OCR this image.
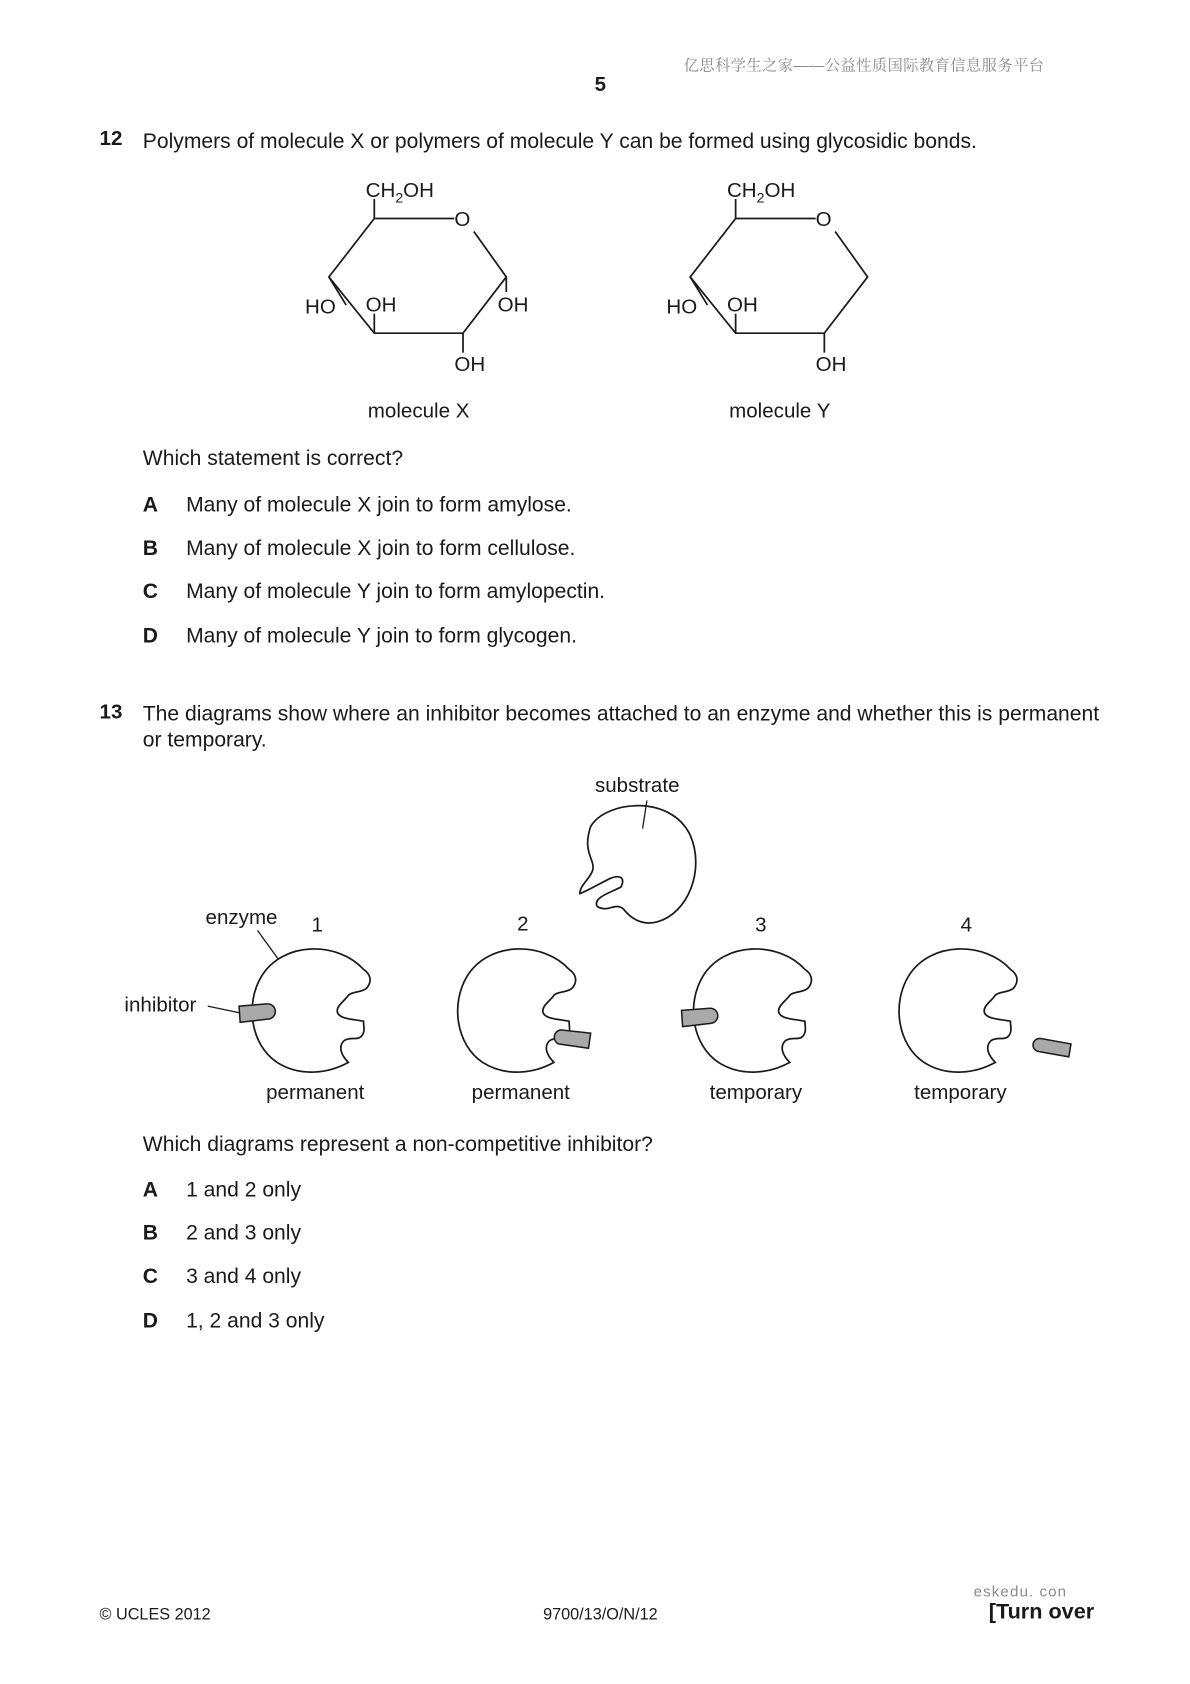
亿思科学生之家——公益性质国际教育信息服务平台
5
12 Polymers of molecule X or polymers of molecule Y can be formed using glycosidic bonds.
$CH_2OH$
O
HO OH	OH
OH
molecule X
$CH_2OH$
O
HO OH
OH
molecule Y
Which statement is correct?
A Many of molecule X join to form amylose.
B Many of molecule X join to form cellulose.
C Many of molecule Y join to form amylopectin.
D Many of molecule Y join to form glycogen.
13 The diagrams show where an inhibitor becomes attached to an enzyme and whether this is permanent or temporary.
substrate
1	2	3	4
enzyme
inhibitor
permanent	permanent	temporary	temporary
Which diagrams represent a non-competitive inhibitor?
A 1 and 2 only
B 2 and 3 only
C 3 and 4 only
D 1, 2 and 3 only
eskedu. con
© UCLES 2012	9700/13/O/N/12	[Turn over
